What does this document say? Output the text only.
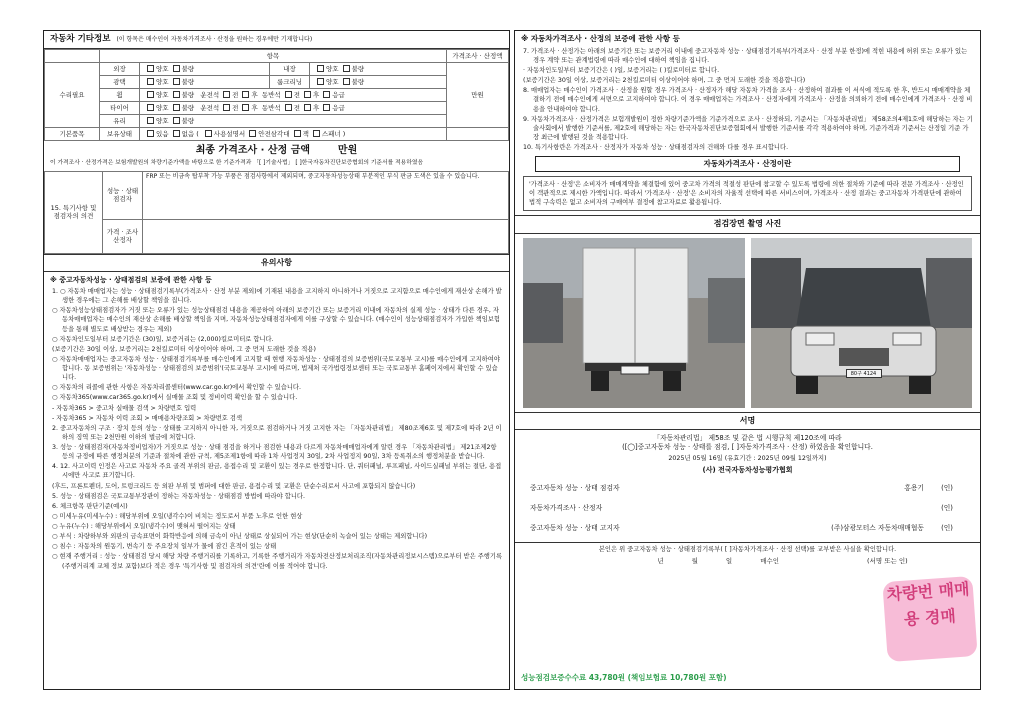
자동차 기타정보 (이 항목은 매수인이 자동차가격조사 · 산정을 원하는 경우에만 기재합니다)
	항목				가격조사 · 산정액
수리필요	외장	양호 불량	내장	양호 불량	만원
	광택	양호 불량	룸크리닝	양호 불량	
	휠	양호 불량 운전석 전 후 동반석 전 후 응급			
	타이어	양호 불량 운전석 전 후 동반석 전 후 응급			
	유리	양호 불량			
기본품목	보유상태	있음 없음 ( 사용설명서 안전삼각대 잭 스패너 )			
최종 가격조사 · 산정 금액	만원
이 가격조사 · 산정가격은 보험개발원의 차량기준가액을 바탕으로 한 기준가격과 「[ ]기술사법」 [ ]한국자동차진단보증협회의 기준서를 적용하였음
15. 특기사항 및 점검자의 의견	성능 · 상태 점검자	FRP 또는 비금속 탑부착 가능 부품은 점검사항에서 제외되며, 중고자동차성능상태 부분적인 부식 판금 도색은 있을 수 있습니다.
	가격 · 조사 산정자	
유의사항
※ 중고자동차성능 · 상태점검의 보증에 관한 사항 등
1. ○ 자동차 매매업자는 성능 · 상태점검기록부(가격조사 · 산정 부분 제외)에 기재된 내용을 고지하지 아니하거나 거짓으로 고지함으로 매수인에게 재산상 손해가 발생한 경우에는 그 손해를 배상할 책임을 집니다.
○ 자동차성능상태점검자가 거짓 또는 오류가 있는 성능상태점검 내용을 제공하여 아래의 보증기간 또는 보증거리 이내에 자동차의 실제 성능 · 상태가 다른 경우, 자동차매매업자는 매수인의 재산상 손해를 배상할 책임을 지며, 자동차성능상태점검자에게 이를 구상할 수 있습니다. (매수인이 성능상태점검자가 가입한 책임보험 등을 통해 별도로 배상받는 경우는 제외)
○ 자동차인도일부터 보증기간은 (30)일, 보증거리는 (2,000)킬로미터로 합니다.
(보증기간은 30일 이상, 보증거리는 2천킬로미터 이상이어야 하며, 그 중 먼저 도래한 것을 적용)
○ 자동차매매업자는 중고자동차 성능 · 상태점검기록부를 매수인에게 고지할 때 현행 자동차성능 · 상태점검의 보증범위(국토교통부 고시)를 매수인에게 고지하여야 합니다. 동 보증범위는 '자동차성능 · 상태점검의 보증범위'(국토교통부 고시)에 따르며, 법제처 국가법령정보센터 또는 국토교통부 홈페이지에서 확인할 수 있습니다.
○ 자동차의 리콜에 관한 사항은 자동차리콜센터(www.car.go.kr)에서 확인할 수 있습니다.
○ 자동차365(www.car365.go.kr)에서 실매물 조회 및 정비이력 확인을 할 수 있습니다.
- 자동차365 > 중고차 실매물 검색 > 차량번호 입력
- 자동차365 > 자동차 이력 조회 > 매매용차량조회 > 차량번호 검색
2. 중고자동차의 구조 · 장치 등의 성능 · 상태를 고지하지 아니한 자, 거짓으로 점검하거나 거짓 고지한 자는 「자동차관리법」 제80조제6호 및 제7호에 따라 2년 이하의 징역 또는 2천만원 이하의 벌금에 처합니다.
3. 성능 · 상태점검자(자동차정비업자)가 거짓으로 성능 · 상태 점검을 하거나 점검한 내용과 다르게 자동차매매업자에게 알린 경우 「자동차관리법」 제21조제2항 등의 규정에 따른 행정처분의 기준과 절차에 관한 규칙, 제5조제1항에 따라 1차 사업정지 30일, 2차 사업정지 90일, 3차 등록취소의 행정처분을 받습니다.
4. 12. 사고이력 인정은 사고로 자동차 주요 골격 부위의 판금, 용접수리 및 교환이 있는 경우로 한정합니다. 단, 쿼터패널, 루프패널, 사이드실패널 부위는 절단, 용접 시에만 사고로 표기합니다.
(후드, 프론트펜더, 도어, 트렁크리드 등 외판 부위 및 범퍼에 대한 판금, 용접수리 및 교환은 단순수리로서 사고에 포함되지 않습니다)
5. 성능 · 상태점검은 국토교통부장관이 정하는 자동차성능 · 상태점검 방법에 따라야 합니다.
6. 체크항목 판단기준(예시)
○ 미세누유(미세누수) : 해당부위에 오일(냉각수)이 비치는 정도로서 부품 노후로 인한 현상
○ 누유(누수) : 해당부위에서 오일(냉각수)이 맺혀서 떨어지는 상태
○ 부식 : 차량하부와 외판의 금속표면이 화학반응에 의해 금속이 아닌 상태로 상실되어 가는 현상(단순히 녹슬어 있는 상태는 제외합니다)
○ 침수 : 자동차의 원동기, 변속기 등 주요장치 일부가 물에 잠긴 흔적이 있는 상태
○ 현재 주행거리 : 성능 · 상태점검 당시 해당 차량 주행거리를 기록하고, 기록한 주행거리가 자동차전산정보처리조직(자동차관리정보시스템)으로부터 받은 주행기록(주행거리계 교체 정보 포함)보다 적은 경우 '특기사항 및 점검자의 의견'란에 이를 적어야 합니다.
※ 자동차가격조사 · 산정의 보증에 관한 사항 등
7. 가격조사 · 산정가는 아래의 보증기간 또는 보증거리 이내에 중고자동차 성능 · 상태점검기록부(가격조사 · 산정 부분 한정)에 적힌 내용에 허위 또는 오류가 있는 경우 계약 또는 관계법령에 따라 매수인에 대하여 책임을 집니다.
· 자동차인도일부터 보증기간은 ( )일, 보증거리는 ( )킬로미터로 합니다.
(보증기간은 30일 이상, 보증거리는 2천킬로미터 이상이어야 하며, 그 중 먼저 도래한 것을 적용합니다)
8. 매매업자는 매수인이 가격조사 · 산정을 원할 경우 가격조사 · 산정자가 해당 자동차 가격을 조사 · 산정하여 결과를 이 서식에 적도록 한 후, 반드시 매매계약을 체결하기 전에 매수인에게 서면으로 고지하여야 합니다. 이 경우 매매업자는 가격조사 · 산정자에게 가격조사 · 산정을 의뢰하기 전에 매수인에게 가격조사 · 산정 비용을 안내하여야 합니다.
9. 자동차가격조사 · 산정가격은 보험개발원이 정한 차량기준가액을 기준가격으로 조사 · 산정하되, 기준서는 「자동차관리법」 제58조의4제1호에 해당하는 자는 기술사회에서 발행한 기준서를, 제2호에 해당하는 자는 한국자동차진단보증협회에서 발행한 기준서를 각각 적용하여야 하며, 기준가격과 기준서는 산정일 기준 가장 최근에 발행된 것을 적용합니다.
10. 특기사항란은 가격조사 · 산정자가 자동차 성능 · 상태점검자의 건해와 다를 경우 표시합니다.
자동차가격조사 · 산정이란
'가격조사 · 산정'은 소비자가 매매계약을 체결함에 있어 중고차 가격의 적절성 판단에 참고할 수 있도록 법령에 의한 절차와 기준에 따라 전문 가격조사 · 산정인이 객관적으로 제시한 가액입니다. 따라서 '가격조사 · 산정'은 소비자의 자율적 선택에 따른 서비스이며, 가격조사 · 산정 결과는 중고자동차 가격판단에 관하여 법적 구속력은 없고 소비자의 구매여부 결정에 참고자료로 활용됩니다.
점검장면 촬영 사진
80구 4124
서명
「자동차관리법」 제58조 및 같은 법 시행규칙 제120조에 따라
([◯]중고자동차 성능 · 상태를 점검, [ ]자동차가격조사 · 산정) 하였음을 확인합니다.
2025년 05월 16일 (유효기간 : 2025년 09월 12일까지)
(사) 전국자동차성능평가협회
중고자동차 성능 · 상태 점검자	홍용기	(인)
자동차가격조사 · 산정자		(인)
중고자동차 성능 · 상태 고지자	(주)삼광모터스 자동차매매협동	(인)
본인은 위 중고자동차 성능 · 상태점검기록부( [ ]자동차가격조사 · 산정 선택)를 교부받은 사실을 확인합니다.
년	월	일	매수인	(서명 또는 인)
성능점검보증수수료 43,780원 (책임보험료 10,780원 포함)
차량번 매매용 경매
